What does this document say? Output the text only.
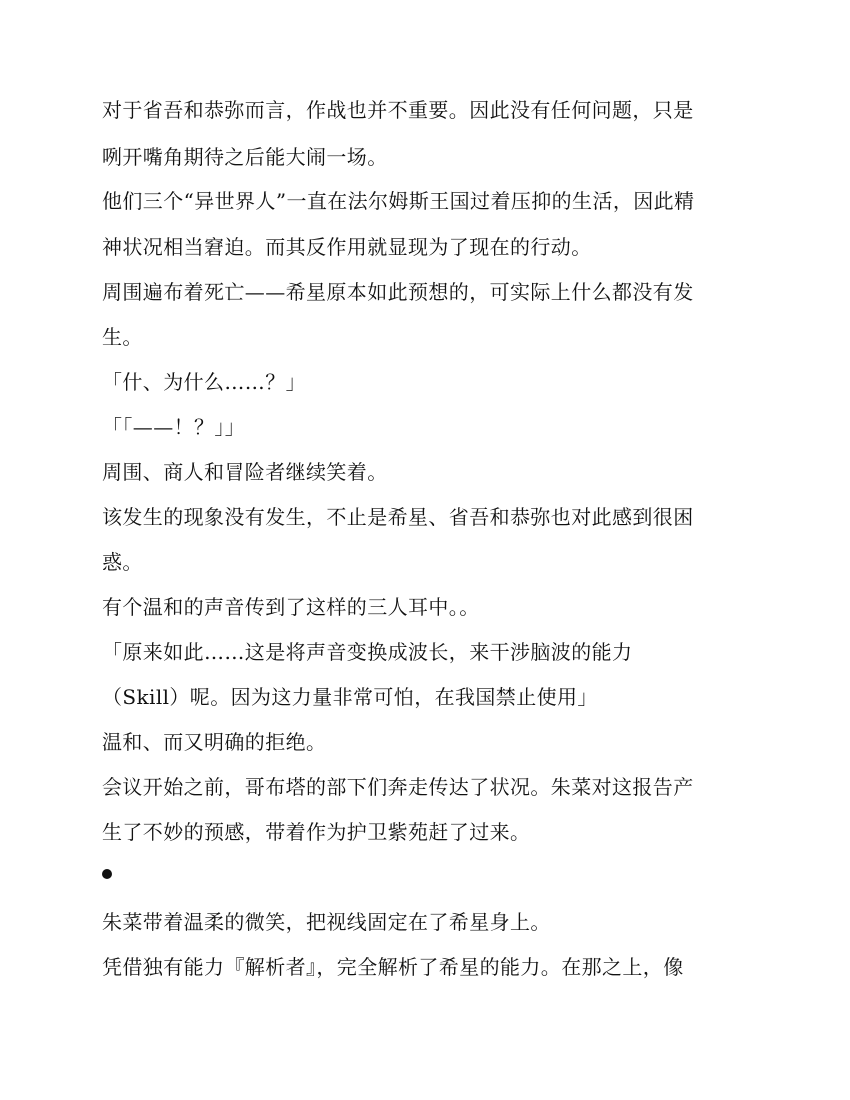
对于省吾和恭弥而言，作战也并不重要。因此没有任何问题，只是
咧开嘴角期待之后能大闹一场。
他们三个“异世界人”一直在法尔姆斯王国过着压抑的生活，因此精
神状况相当窘迫。而其反作用就显现为了现在的行动。
周围遍布着死亡——希星原本如此预想的，可实际上什么都没有发
生。
「什、为什么……？」
「「——！？」」
周围、商人和冒险者继续笑着。
该发生的现象没有发生，不止是希星、省吾和恭弥也对此感到很困
惑。
有个温和的声音传到了这样的三人耳中。。
「原来如此……这是将声音变换成波长，来干涉脑波的能力
（Skill）呢。因为这力量非常可怕，在我国禁止使用」
温和、而又明确的拒绝。
会议开始之前，哥布塔的部下们奔走传达了状况。朱菜对这报告产
生了不妙的预感，带着作为护卫紫苑赶了过来。
朱菜带着温柔的微笑，把视线固定在了希星身上。
凭借独有能力『解析者』，完全解析了希星的能力。在那之上，像
